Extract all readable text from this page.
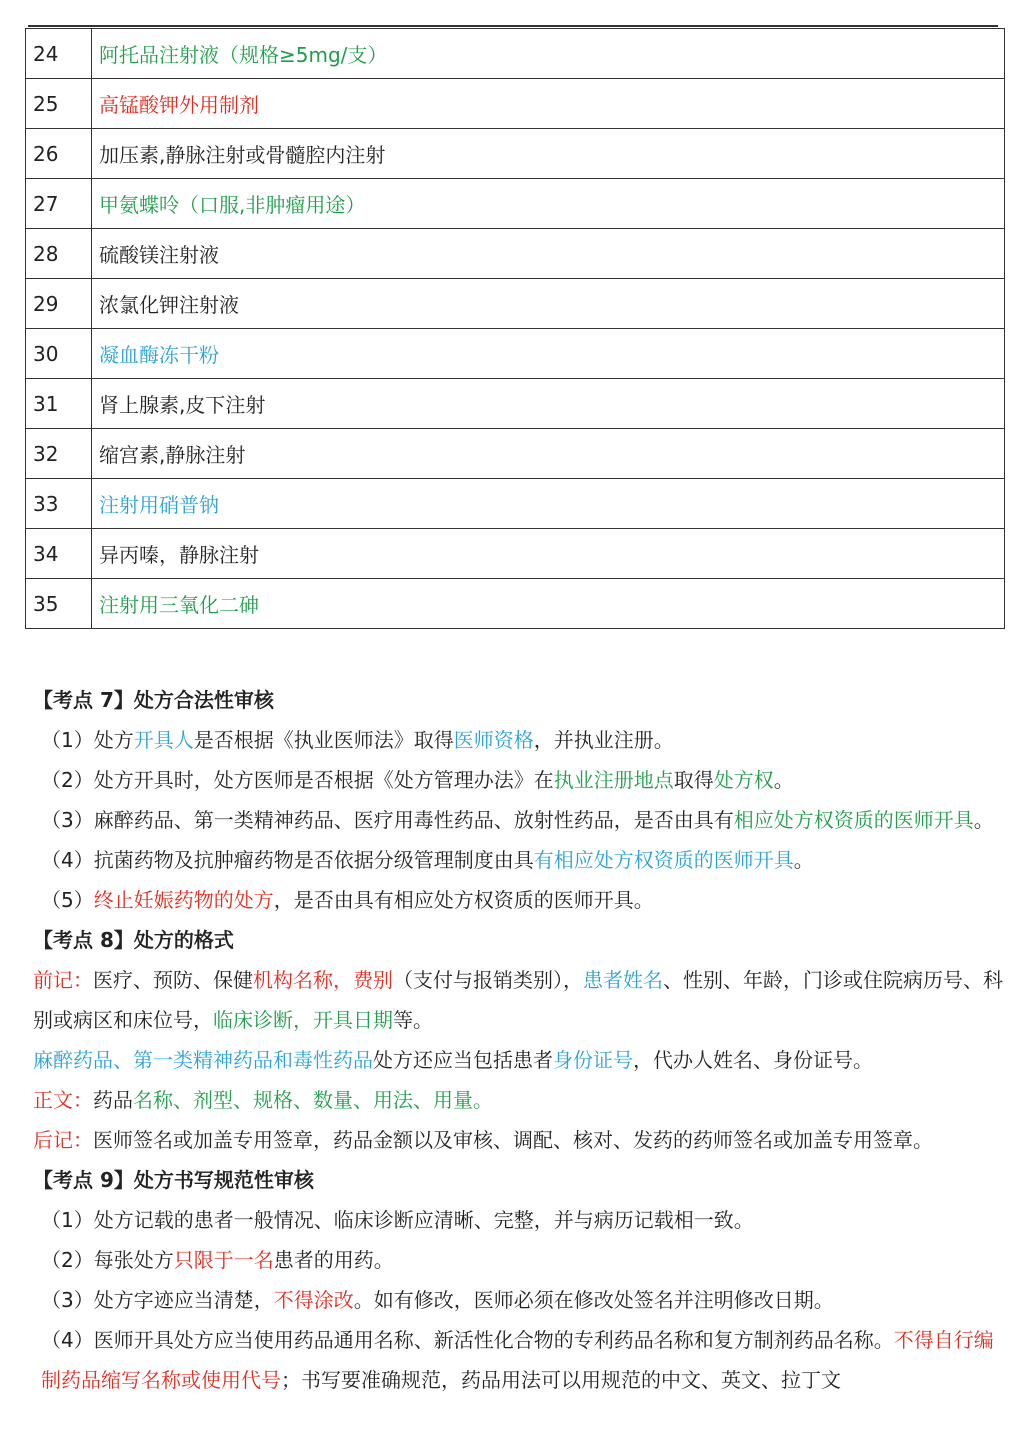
24	阿托品注射液（规格≥5mg/支）
25	高锰酸钾外用制剂
26	加压素,静脉注射或骨髓腔内注射
27	甲氨蝶呤（口服,非肿瘤用途）
28	硫酸镁注射液
29	浓氯化钾注射液
30	凝血酶冻干粉
31	肾上腺素,皮下注射
32	缩宫素,静脉注射
33	注射用硝普钠
34	异丙嗪，静脉注射
35	注射用三氧化二砷

【考点 7】处方合法性审核

（1）处方开具人是否根据《执业医师法》取得医师资格，并执业注册。

（2）处方开具时，处方医师是否根据《处方管理办法》在执业注册地点取得处方权。

（3）麻醉药品、第一类精神药品、医疗用毒性药品、放射性药品，是否由具有相应处方权资质的医师开具。

（4）抗菌药物及抗肿瘤药物是否依据分级管理制度由具有相应处方权资质的医师开具。

（5）终止妊娠药物的处方，是否由具有相应处方权资质的医师开具。

【考点 8】处方的格式

前记：医疗、预防、保健机构名称，费别（支付与报销类别），患者姓名、性别、年龄，门诊或住院病历号、科别或病区和床位号，临床诊断，开具日期等。

麻醉药品、第一类精神药品和毒性药品处方还应当包括患者身份证号，代办人姓名、身份证号。

正文：药品名称、剂型、规格、数量、用法、用量。

后记：医师签名或加盖专用签章，药品金额以及审核、调配、核对、发药的药师签名或加盖专用签章。

【考点 9】处方书写规范性审核

（1）处方记载的患者一般情况、临床诊断应清晰、完整，并与病历记载相一致。

（2）每张处方只限于一名患者的用药。

（3）处方字迹应当清楚，不得涂改。如有修改，医师必须在修改处签名并注明修改日期。

（4）医师开具处方应当使用药品通用名称、新活性化合物的专利药品名称和复方制剂药品名称。不得自行编制药品缩写名称或使用代号；书写要准确规范，药品用法可以用规范的中文、英文、拉丁文
